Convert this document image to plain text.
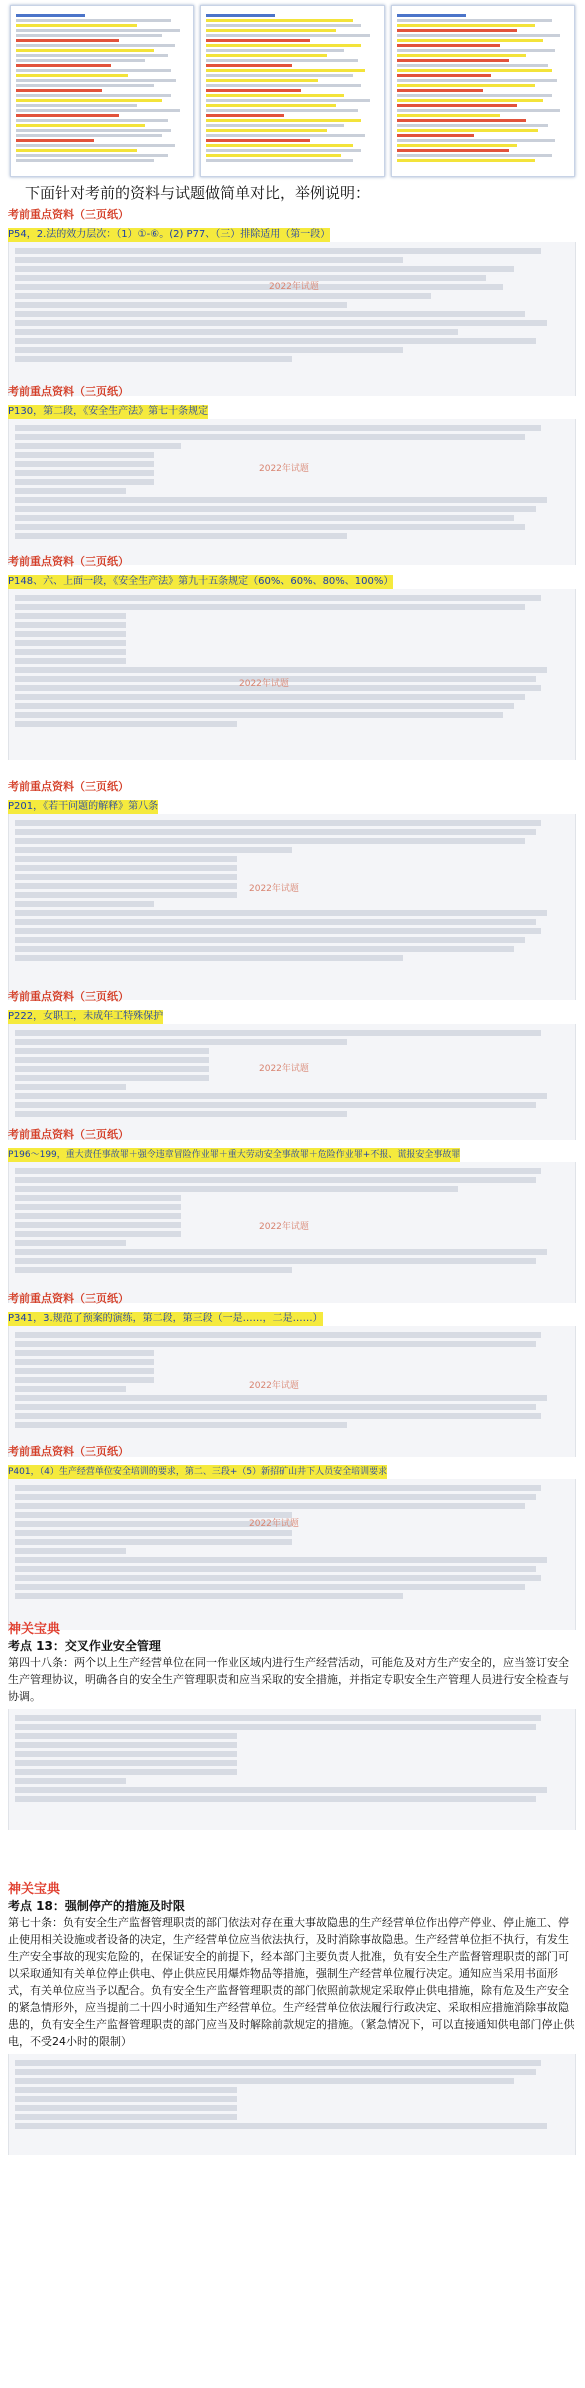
下面针对考前的资料与试题做简单对比，举例说明：
考前重点资料（三页纸）
P54，2.法的效力层次：（1）①-⑥。(2) P77、（三）排除适用（第一段）
2022年试题
考前重点资料（三页纸）
P130，第二段，《安全生产法》第七十条规定
2022年试题
考前重点资料（三页纸）
P148、六、上面一段，《安全生产法》第九十五条规定（60%、60%、80%、100%）
2022年试题
考前重点资料（三页纸）
P201，《若干问题的解释》第八条
2022年试题
考前重点资料（三页纸）
P222，女职工，未成年工特殊保护
2022年试题
考前重点资料（三页纸）
P196～199，重大责任事故罪＋强令违章冒险作业罪＋重大劳动安全事故罪＋危险作业罪+不报、谎报安全事故罪
2022年试题
考前重点资料（三页纸）
P341，3.规范了预案的演练，第二段，第三段（一是……，二是……）
2022年试题
考前重点资料（三页纸）
P401，（4）生产经营单位安全培训的要求，第二、三段+（5）新招矿山井下人员安全培训要求
2022年试题
神关宝典
考点 13：交叉作业安全管理
第四十八条：两个以上生产经营单位在同一作业区域内进行生产经营活动，可能危及对方生产安全的，应当签订安全生产管理协议，明确各自的安全生产管理职责和应当采取的安全措施，并指定专职安全生产管理人员进行安全检查与协调。
神关宝典
考点 18：强制停产的措施及时限
第七十条：负有安全生产监督管理职责的部门依法对存在重大事故隐患的生产经营单位作出停产停业、停止施工、停止使用相关设施或者设备的决定，生产经营单位应当依法执行，及时消除事故隐患。生产经营单位拒不执行，有发生生产安全事故的现实危险的，在保证安全的前提下，经本部门主要负责人批准，负有安全生产监督管理职责的部门可以采取通知有关单位停止供电、停止供应民用爆炸物品等措施，强制生产经营单位履行决定。通知应当采用书面形式，有关单位应当予以配合。负有安全生产监督管理职责的部门依照前款规定采取停止供电措施，除有危及生产安全的紧急情形外，应当提前二十四小时通知生产经营单位。生产经营单位依法履行行政决定、采取相应措施消除事故隐患的，负有安全生产监督管理职责的部门应当及时解除前款规定的措施。（紧急情况下，可以直接通知供电部门停止供电，不受24小时的限制）
